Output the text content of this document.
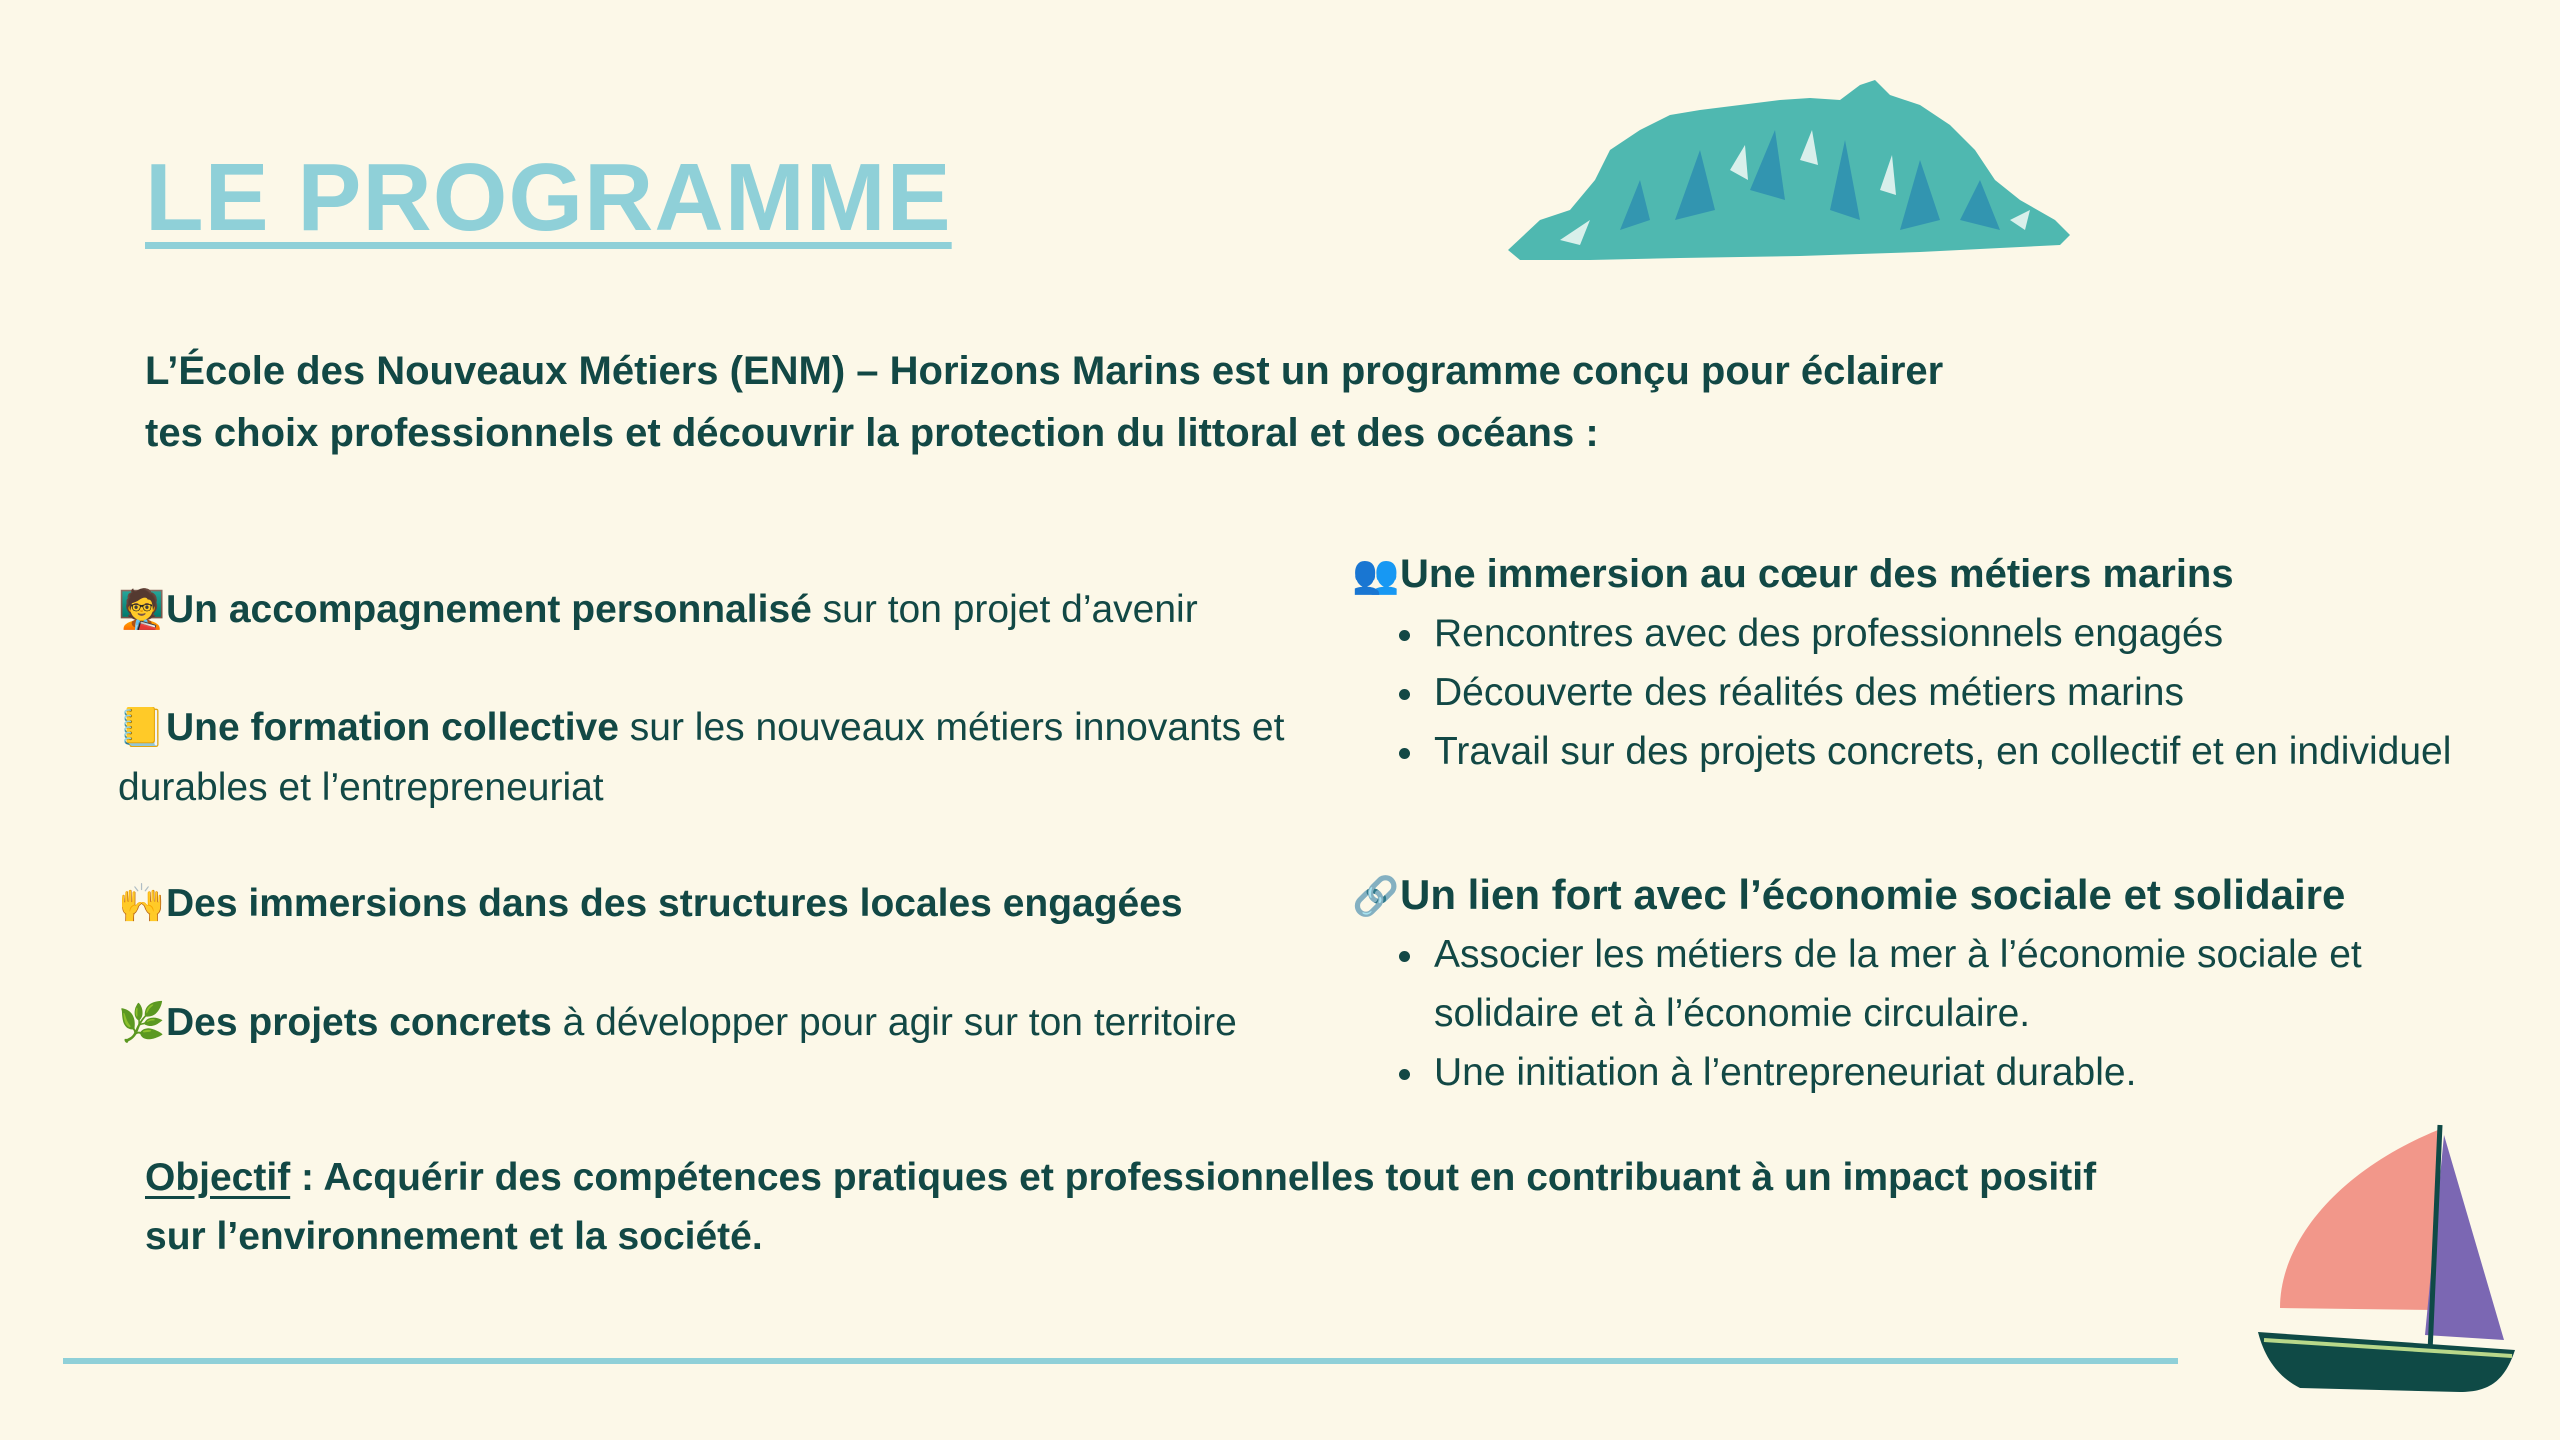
LE PROGRAMME
L’École des Nouveaux Métiers (ENM) – Horizons Marins est un programme conçu pour éclairer tes choix professionnels et découvrir la protection du littoral et des océans :
🧑‍🏫Un accompagnement personnalisé sur ton projet d’avenir
📒Une formation collective sur les nouveaux métiers innovants et durables et l’entrepreneuriat
🙌Des immersions dans des structures locales engagées
🌿Des projets concrets à développer pour agir sur ton territoire
👥Une immersion au cœur des métiers marins
• Rencontres avec des professionnels engagés
• Découverte des réalités des métiers marins
• Travail sur des projets concrets, en collectif et en individuel
🔗Un lien fort avec l’économie sociale et solidaire
• Associer les métiers de la mer à l’économie sociale et solidaire et à l’économie circulaire.
• Une initiation à l’entrepreneuriat durable.
Objectif : Acquérir des compétences pratiques et professionnelles tout en contribuant à un impact positif sur l’environnement et la société.
